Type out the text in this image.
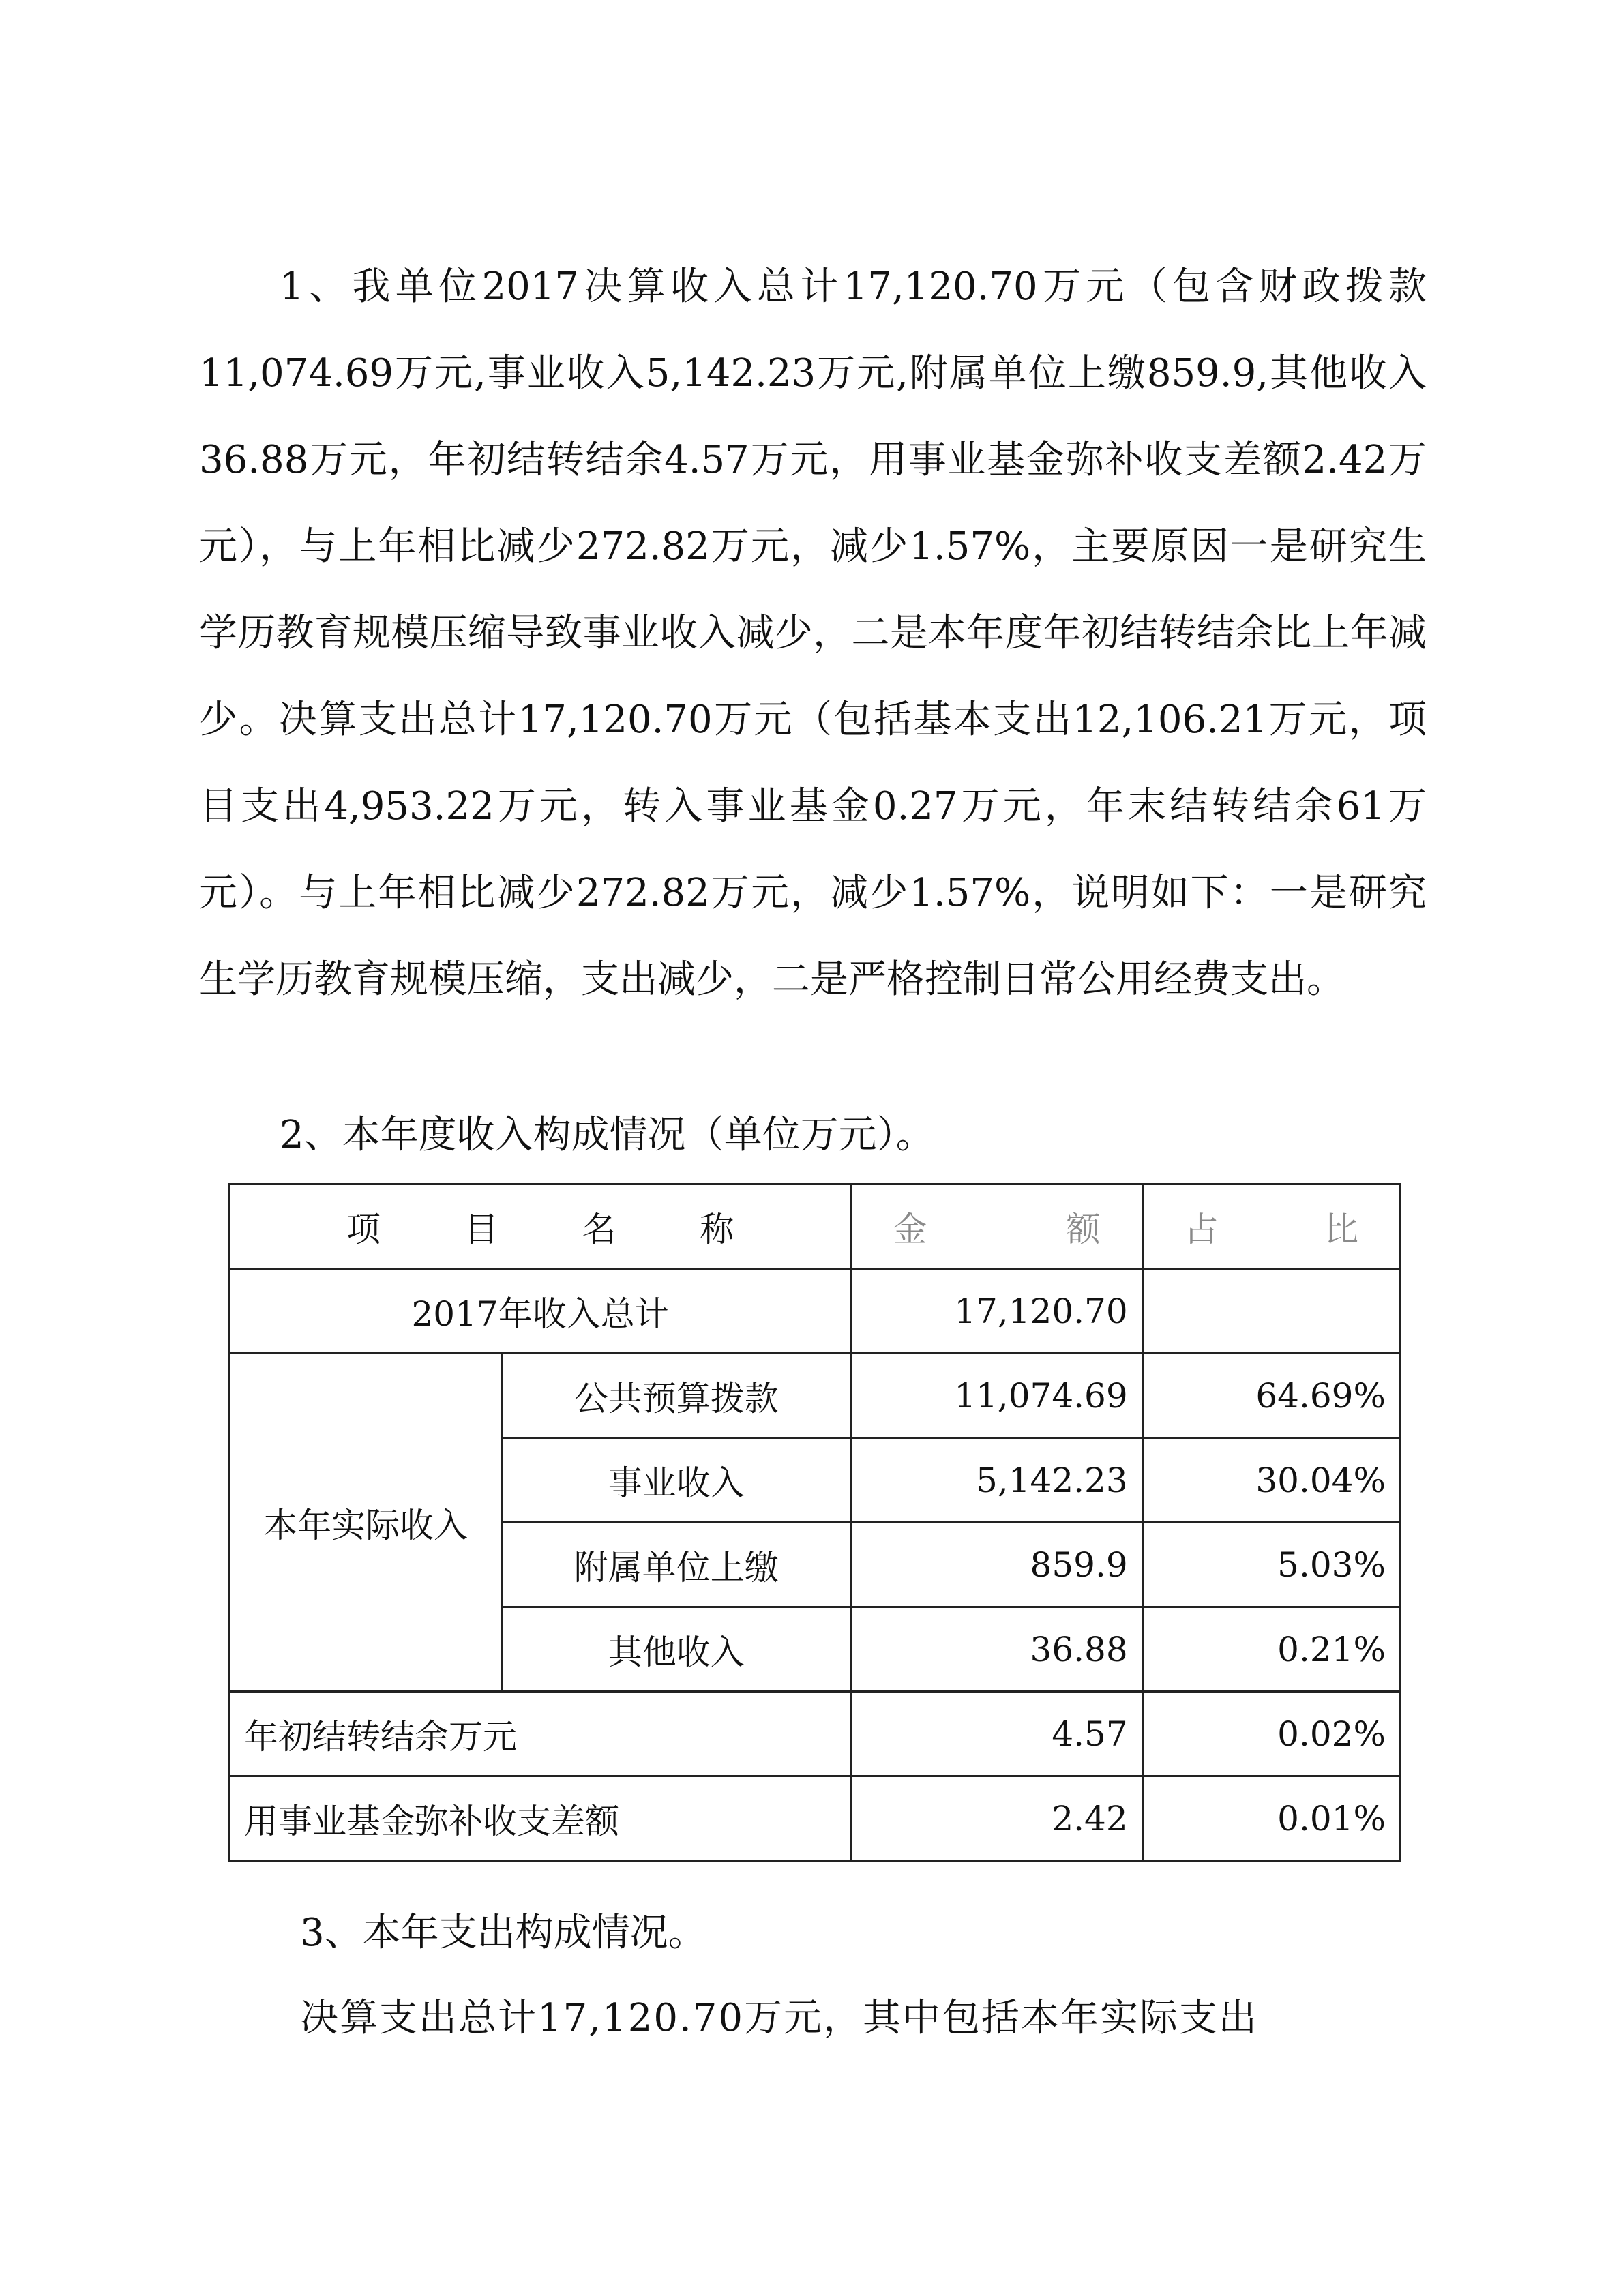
1、我单位2017决算收入总计17,120.70万元（包含财政拨款11,074.69万元,事业收入5,142.23万元,附属单位上缴859.9,其他收入36.88万元，年初结转结余4.57万元，用事业基金弥补收支差额2.42万元），与上年相比减少272.82万元，减少1.57%，主要原因一是研究生学历教育规模压缩导致事业收入减少，二是本年度年初结转结余比上年减少。决算支出总计17,120.70万元（包括基本支出12,106.21万元，项目支出4,953.22万元，转入事业基金0.27万元，年末结转结余61万元）。与上年相比减少272.82万元，减少1.57%，说明如下：一是研究生学历教育规模压缩，支出减少，二是严格控制日常公用经费支出。

2、本年度收入构成情况（单位万元）。

项 目 名 称		金 额	占 比

2017年收入总计		17,120.70	
本年实际收入	公共预算拨款	11,074.69	64.69%
	事业收入	5,142.23	30.04%
	附属单位上缴	859.9	5.03%
	其他收入	36.88	0.21%
年初结转结余万元		4.57	0.02%
用事业基金弥补收支差额		2.42	0.01%

3、本年支出构成情况。

决算支出总计17,120.70万元，其中包括本年实际支出
